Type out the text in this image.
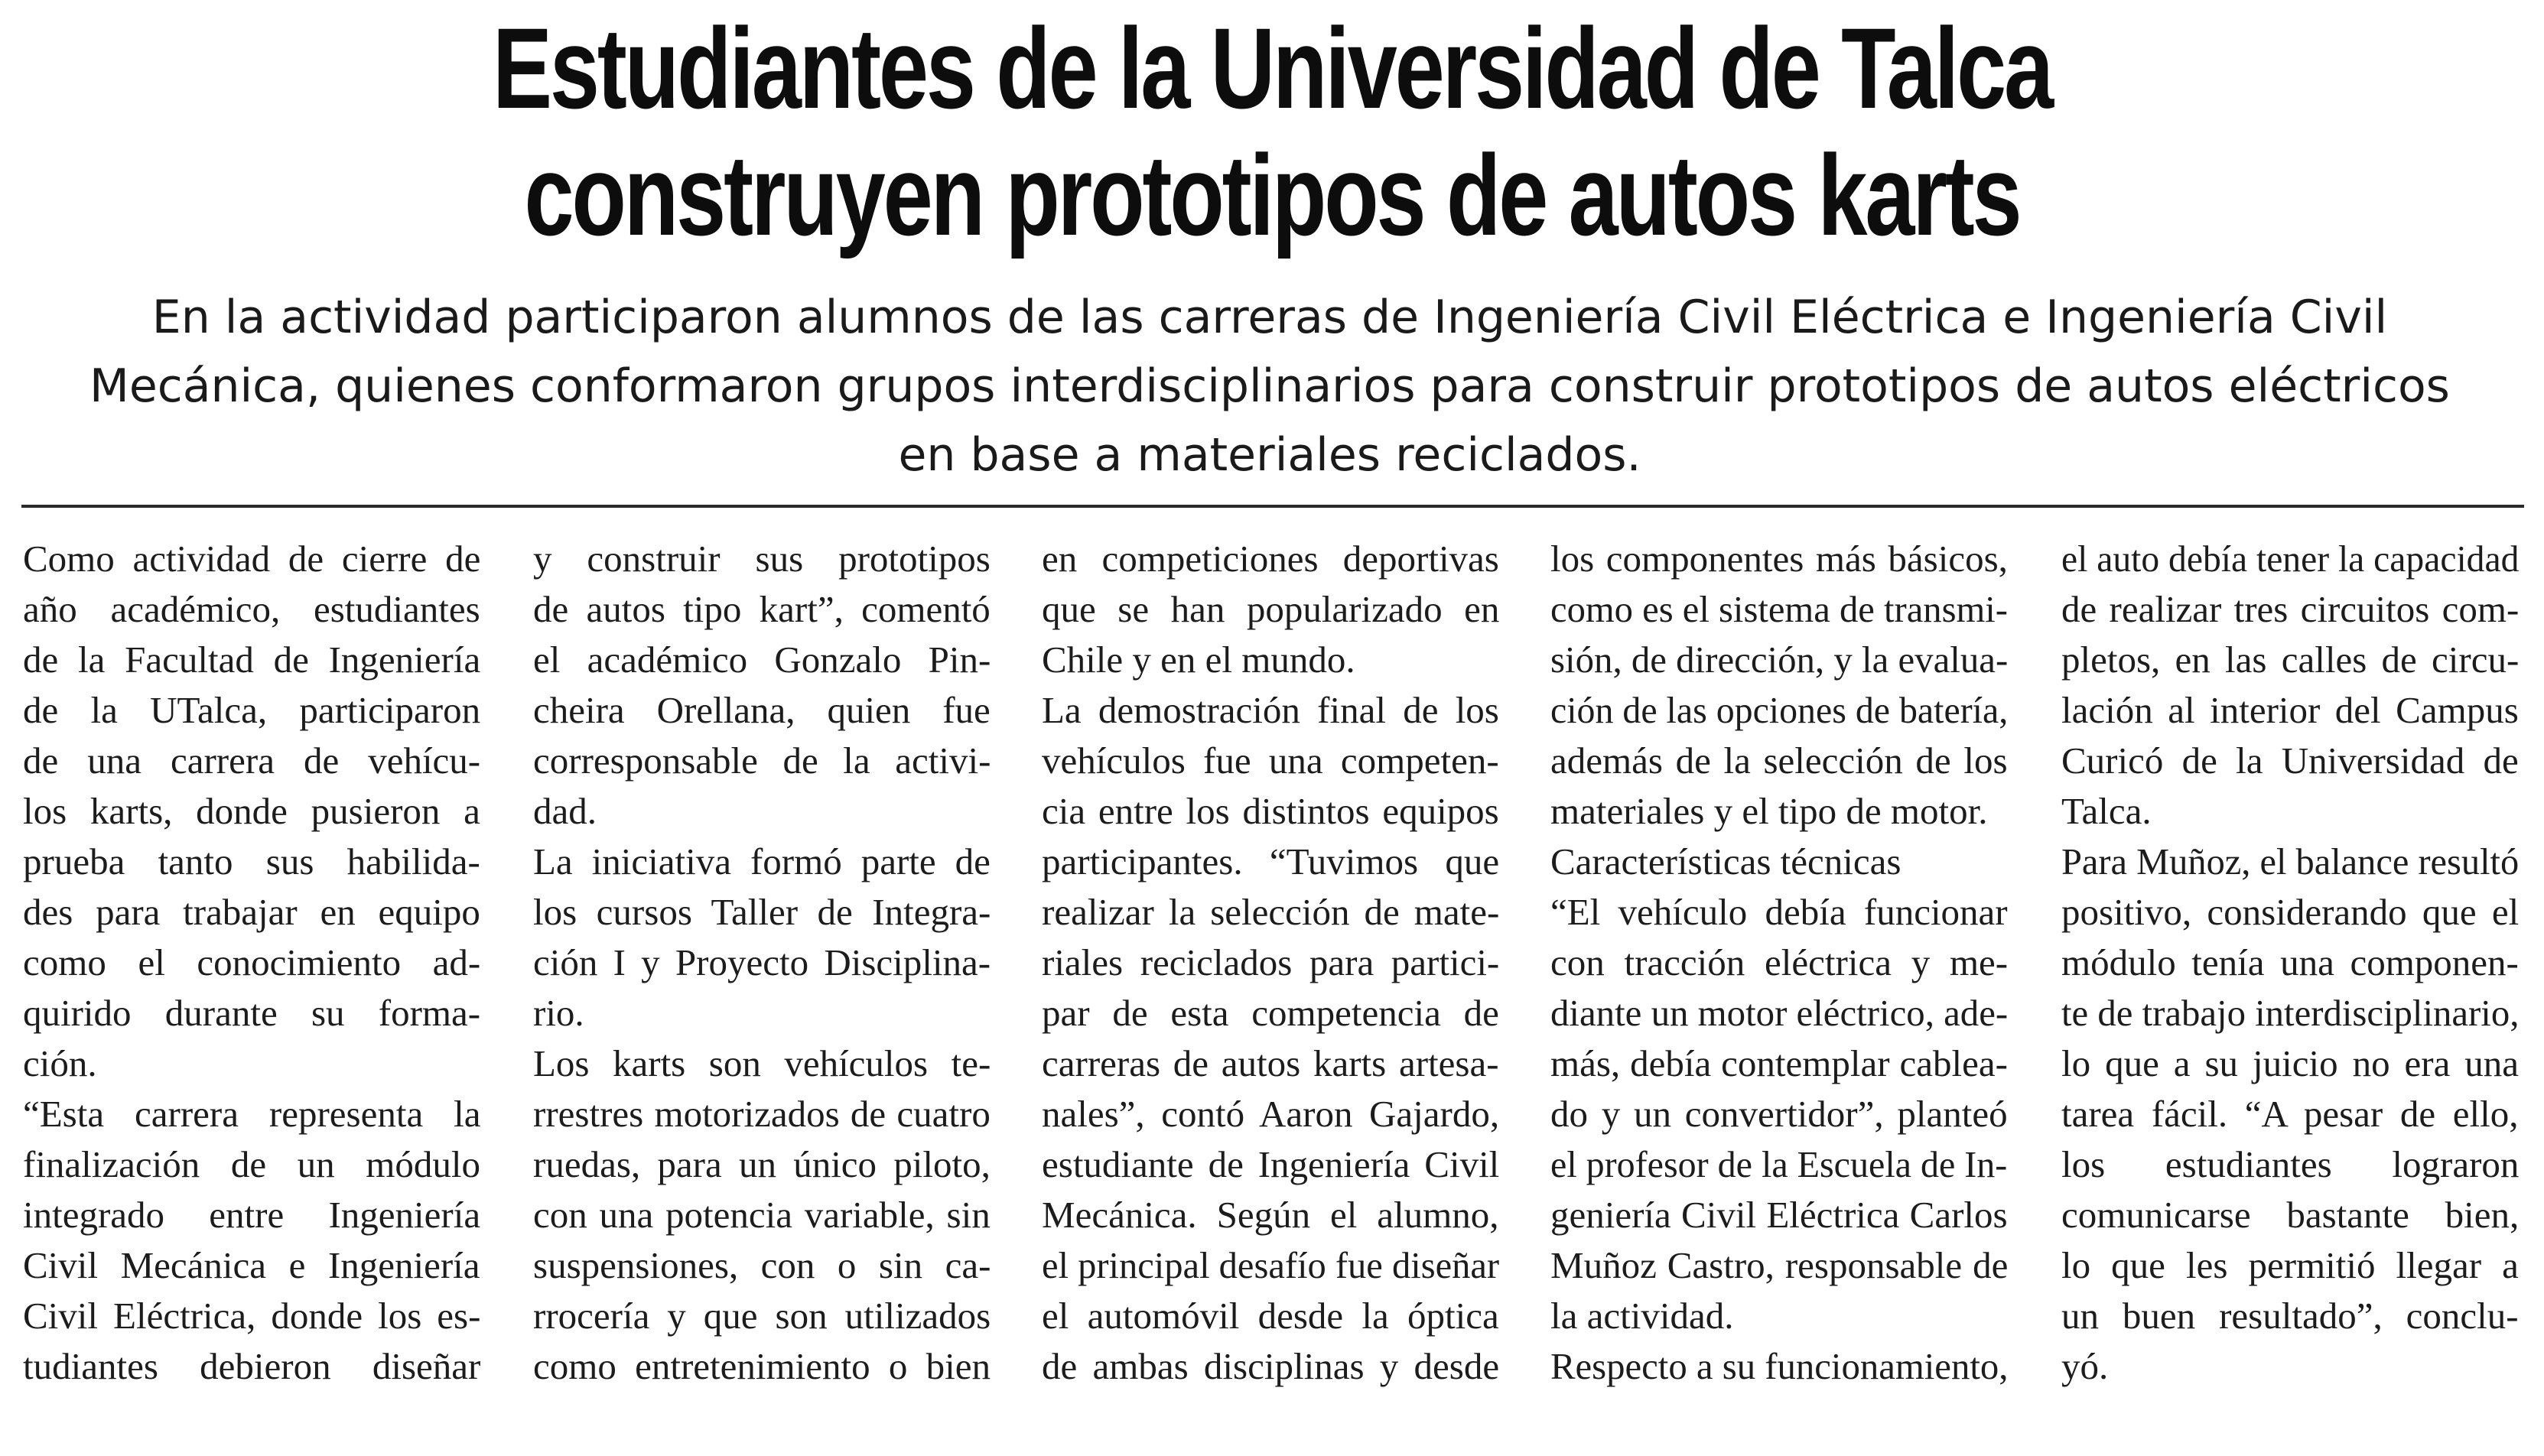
Estudiantes de la Universidad de Talca
construyen prototipos de autos karts
En la actividad participaron alumnos de las carreras de Ingeniería Civil Eléctrica e Ingeniería Civil
Mecánica, quienes conformaron grupos interdisciplinarios para construir prototipos de autos eléctricos
en base a materiales reciclados.
Como actividad de cierre de
año académico, estudiantes
de la Facultad de Ingeniería
de la UTalca, participaron
de una carrera de vehícu-
los karts, donde pusieron a
prueba tanto sus habilida-
des para trabajar en equipo
como el conocimiento ad-
quirido durante su forma-
ción.
“Esta carrera representa la
finalización de un módulo
integrado entre Ingeniería
Civil Mecánica e Ingeniería
Civil Eléctrica, donde los es-
tudiantes debieron diseñar
y construir sus prototipos
de autos tipo kart”, comentó
el académico Gonzalo Pin-
cheira Orellana, quien fue
corresponsable de la activi-
dad.
La iniciativa formó parte de
los cursos Taller de Integra-
ción I y Proyecto Disciplina-
rio.
Los karts son vehículos te-
rrestres motorizados de cuatro
ruedas, para un único piloto,
con una potencia variable, sin
suspensiones, con o sin ca-
rrocería y que son utilizados
como entretenimiento o bien
en competiciones deportivas
que se han popularizado en
Chile y en el mundo.
La demostración final de los
vehículos fue una competen-
cia entre los distintos equipos
participantes. “Tuvimos que
realizar la selección de mate-
riales reciclados para partici-
par de esta competencia de
carreras de autos karts artesa-
nales”, contó Aaron Gajardo,
estudiante de Ingeniería Civil
Mecánica. Según el alumno,
el principal desafío fue diseñar
el automóvil desde la óptica
de ambas disciplinas y desde
los componentes más básicos,
como es el sistema de transmi-
sión, de dirección, y la evalua-
ción de las opciones de batería,
además de la selección de los
materiales y el tipo de motor.
Características técnicas
“El vehículo debía funcionar
con tracción eléctrica y me-
diante un motor eléctrico, ade-
más, debía contemplar cablea-
do y un convertidor”, planteó
el profesor de la Escuela de In-
geniería Civil Eléctrica Carlos
Muñoz Castro, responsable de
la actividad.
Respecto a su funcionamiento,
el auto debía tener la capacidad
de realizar tres circuitos com-
pletos, en las calles de circu-
lación al interior del Campus
Curicó de la Universidad de
Talca.
Para Muñoz, el balance resultó
positivo, considerando que el
módulo tenía una componen-
te de trabajo interdisciplinario,
lo que a su juicio no era una
tarea fácil. “A pesar de ello,
los estudiantes lograron
comunicarse bastante bien,
lo que les permitió llegar a
un buen resultado”, conclu-
yó.
